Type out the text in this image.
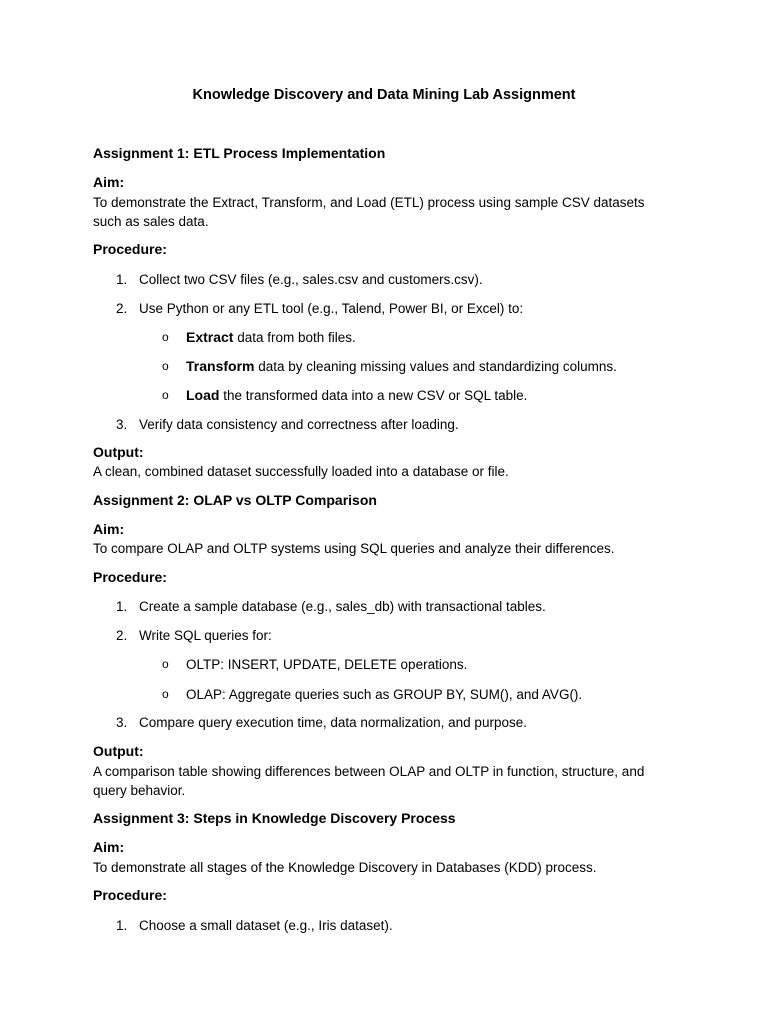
Knowledge Discovery and Data Mining Lab Assignment
Assignment 1: ETL Process Implementation
Aim:
To demonstrate the Extract, Transform, and Load (ETL) process using sample CSV datasets
such as sales data.
Procedure:
1. Collect two CSV files (e.g., sales.csv and customers.csv).
2. Use Python or any ETL tool (e.g., Talend, Power BI, or Excel) to:
o Extract data from both files.
o Transform data by cleaning missing values and standardizing columns.
o Load the transformed data into a new CSV or SQL table.
3. Verify data consistency and correctness after loading.
Output:
A clean, combined dataset successfully loaded into a database or file.
Assignment 2: OLAP vs OLTP Comparison
Aim:
To compare OLAP and OLTP systems using SQL queries and analyze their differences.
Procedure:
1. Create a sample database (e.g., sales_db) with transactional tables.
2. Write SQL queries for:
o OLTP: INSERT, UPDATE, DELETE operations.
o OLAP: Aggregate queries such as GROUP BY, SUM(), and AVG().
3. Compare query execution time, data normalization, and purpose.
Output:
A comparison table showing differences between OLAP and OLTP in function, structure, and
query behavior.
Assignment 3: Steps in Knowledge Discovery Process
Aim:
To demonstrate all stages of the Knowledge Discovery in Databases (KDD) process.
Procedure:
1. Choose a small dataset (e.g., Iris dataset).
